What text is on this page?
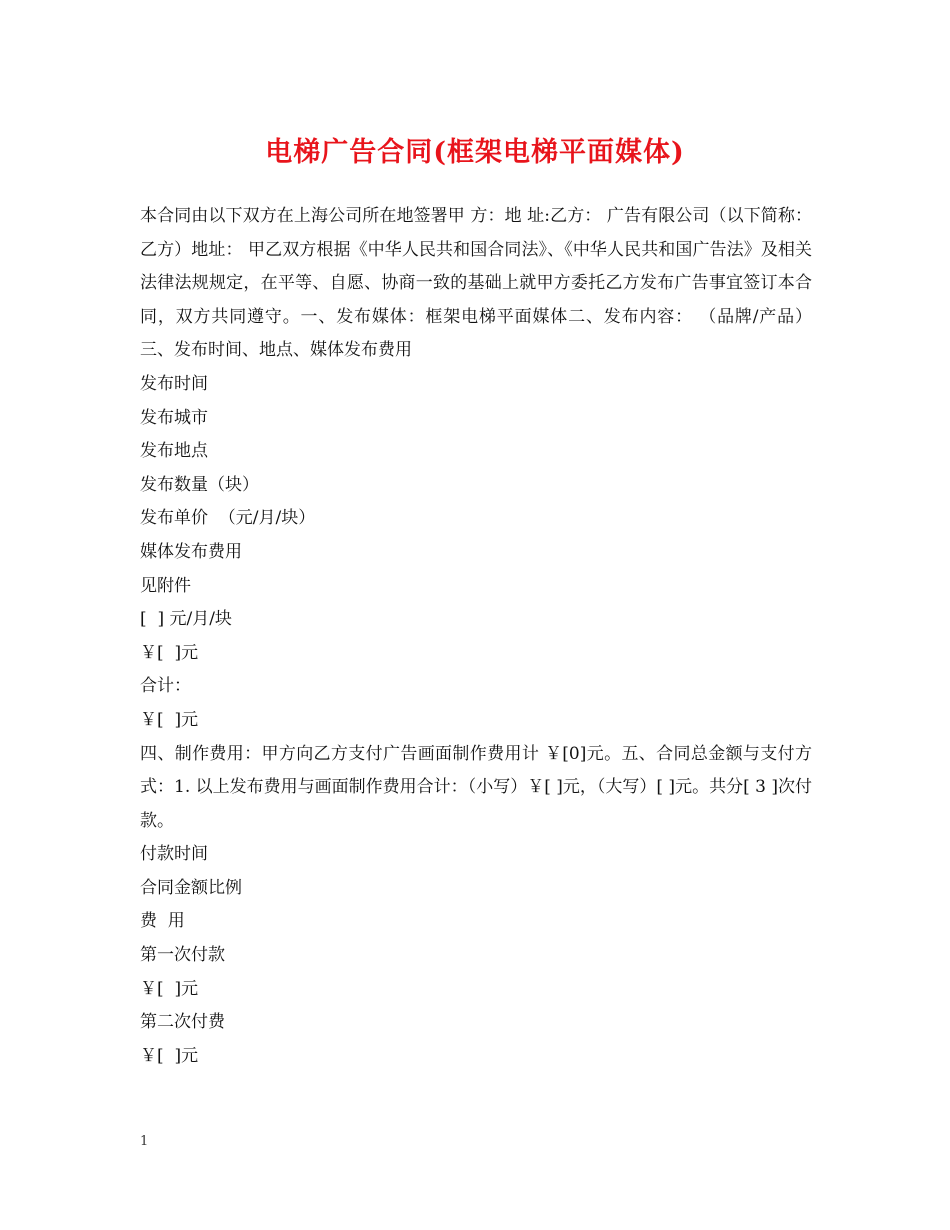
电梯广告合同(框架电梯平面媒体)

本合同由以下双方在上海公司所在地签署甲 方：地 址:乙方： 广告有限公司（以下简称：乙方）地址： 甲乙双方根据《中华人民共和国合同法》、《中华人民共和国广告法》及相关法律法规规定，在平等、自愿、协商一致的基础上就甲方委托乙方发布广告事宜签订本合同，双方共同遵守。一、发布媒体：框架电梯平面媒体二、发布内容： （品牌/产品） 三、发布时间、地点、媒体发布费用

发布时间
发布城市
发布地点
发布数量（块）
发布单价  （元/月/块）
媒体发布费用
见附件
[  ] 元/月/块
￥[  ]元
合计：
￥[  ]元

四、制作费用：甲方向乙方支付广告画面制作费用计 ￥[0]元。五、合同总金额与支付方式：1. 以上发布费用与画面制作费用合计：（小写）￥[ ]元，（大写）[ ]元。共分[ 3 ]次付款。

付款时间
合同金额比例
费  用
第一次付款
￥[  ]元
第二次付费
￥[  ]元
1
